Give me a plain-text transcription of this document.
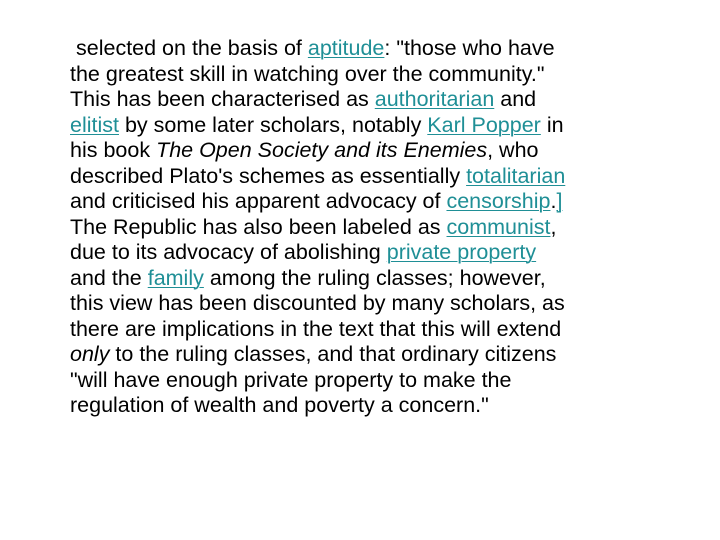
selected on the basis of aptitude: "those who have
the greatest skill in watching over the community."
This has been characterised as authoritarian and
elitist by some later scholars, notably Karl Popper in
his book The Open Society and its Enemies, who
described Plato's schemes as essentially totalitarian
and criticised his apparent advocacy of censorship.]
The Republic has also been labeled as communist,
due to its advocacy of abolishing private property
and the family among the ruling classes; however,
this view has been discounted by many scholars, as
there are implications in the text that this will extend
only to the ruling classes, and that ordinary citizens
"will have enough private property to make the
regulation of wealth and poverty a concern."
